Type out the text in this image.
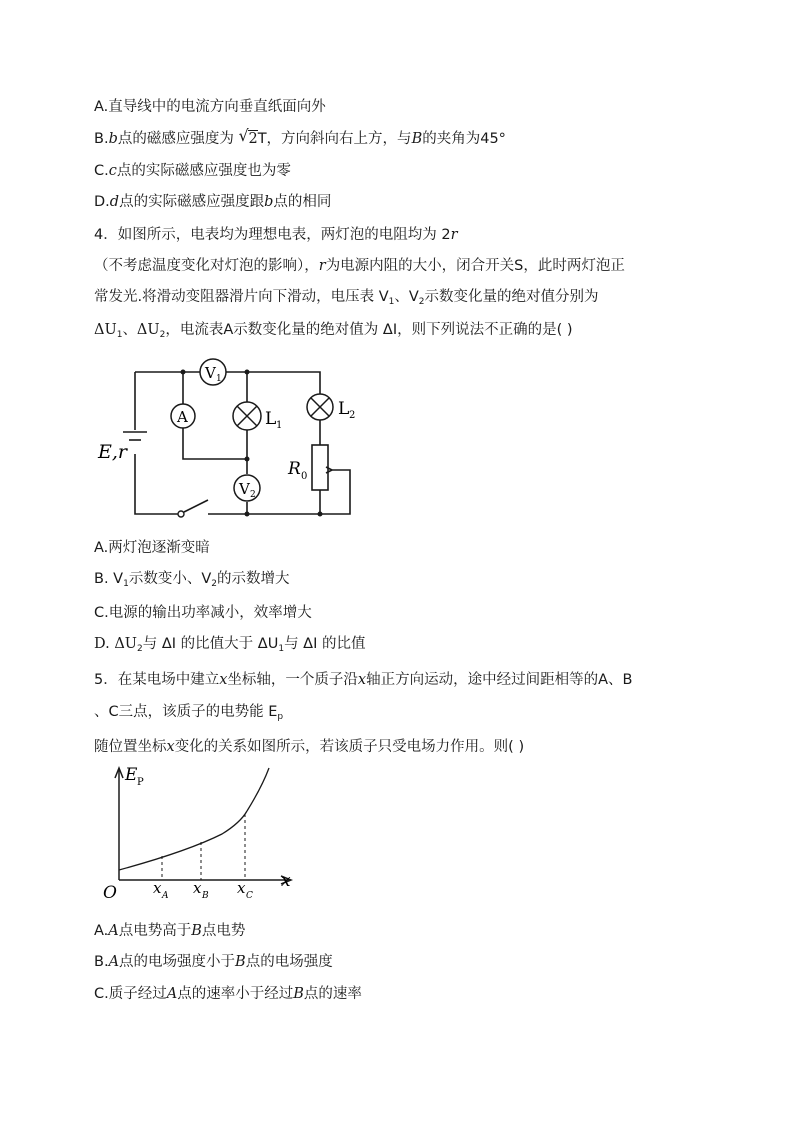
A.直导线中的电流方向垂直纸面向外
B.b点的磁感应强度为 √ 2T，方向斜向右上方，与B的夹角为45°
C.c点的实际磁感应强度也为零
D.d点的实际磁感应强度跟b点的相同
4．如图所示，电表均为理想电表，两灯泡的电阻均为 2r
（不考虑温度变化对灯泡的影响），r为电源内阻的大小，闭合开关S，此时两灯泡正
常发光.将滑动变阻器滑片向下滑动，电压表 $V_1$、$V_2$示数变化量的绝对值分别为
$\Delta U_1$、$\Delta U_2$，电流表A示数变化量的绝对值为 ΔI，则下列说法不正确的是( )
V 1
A	L 1
L 2
V 2
E,r
R 0
A.两灯泡逐渐变暗
B. $V_1$示数变小、$V_2$的示数增大
C.电源的输出功率减小，效率增大
D. $\Delta U_2$与 ΔI 的比值大于 $\Delta U_1$与 ΔI 的比值
5．在某电场中建立x坐标轴，一个质子沿x轴正方向运动，途中经过间距相等的A、B
、C三点，该质子的电势能 $E_p$
随位置坐标x变化的关系如图所示，若该质子只受电场力作用。则( )
E P
O
x
x A x B x C
A.A点电势高于B点电势
B.A点的电场强度小于B点的电场强度
C.质子经过A点的速率小于经过B点的速率
